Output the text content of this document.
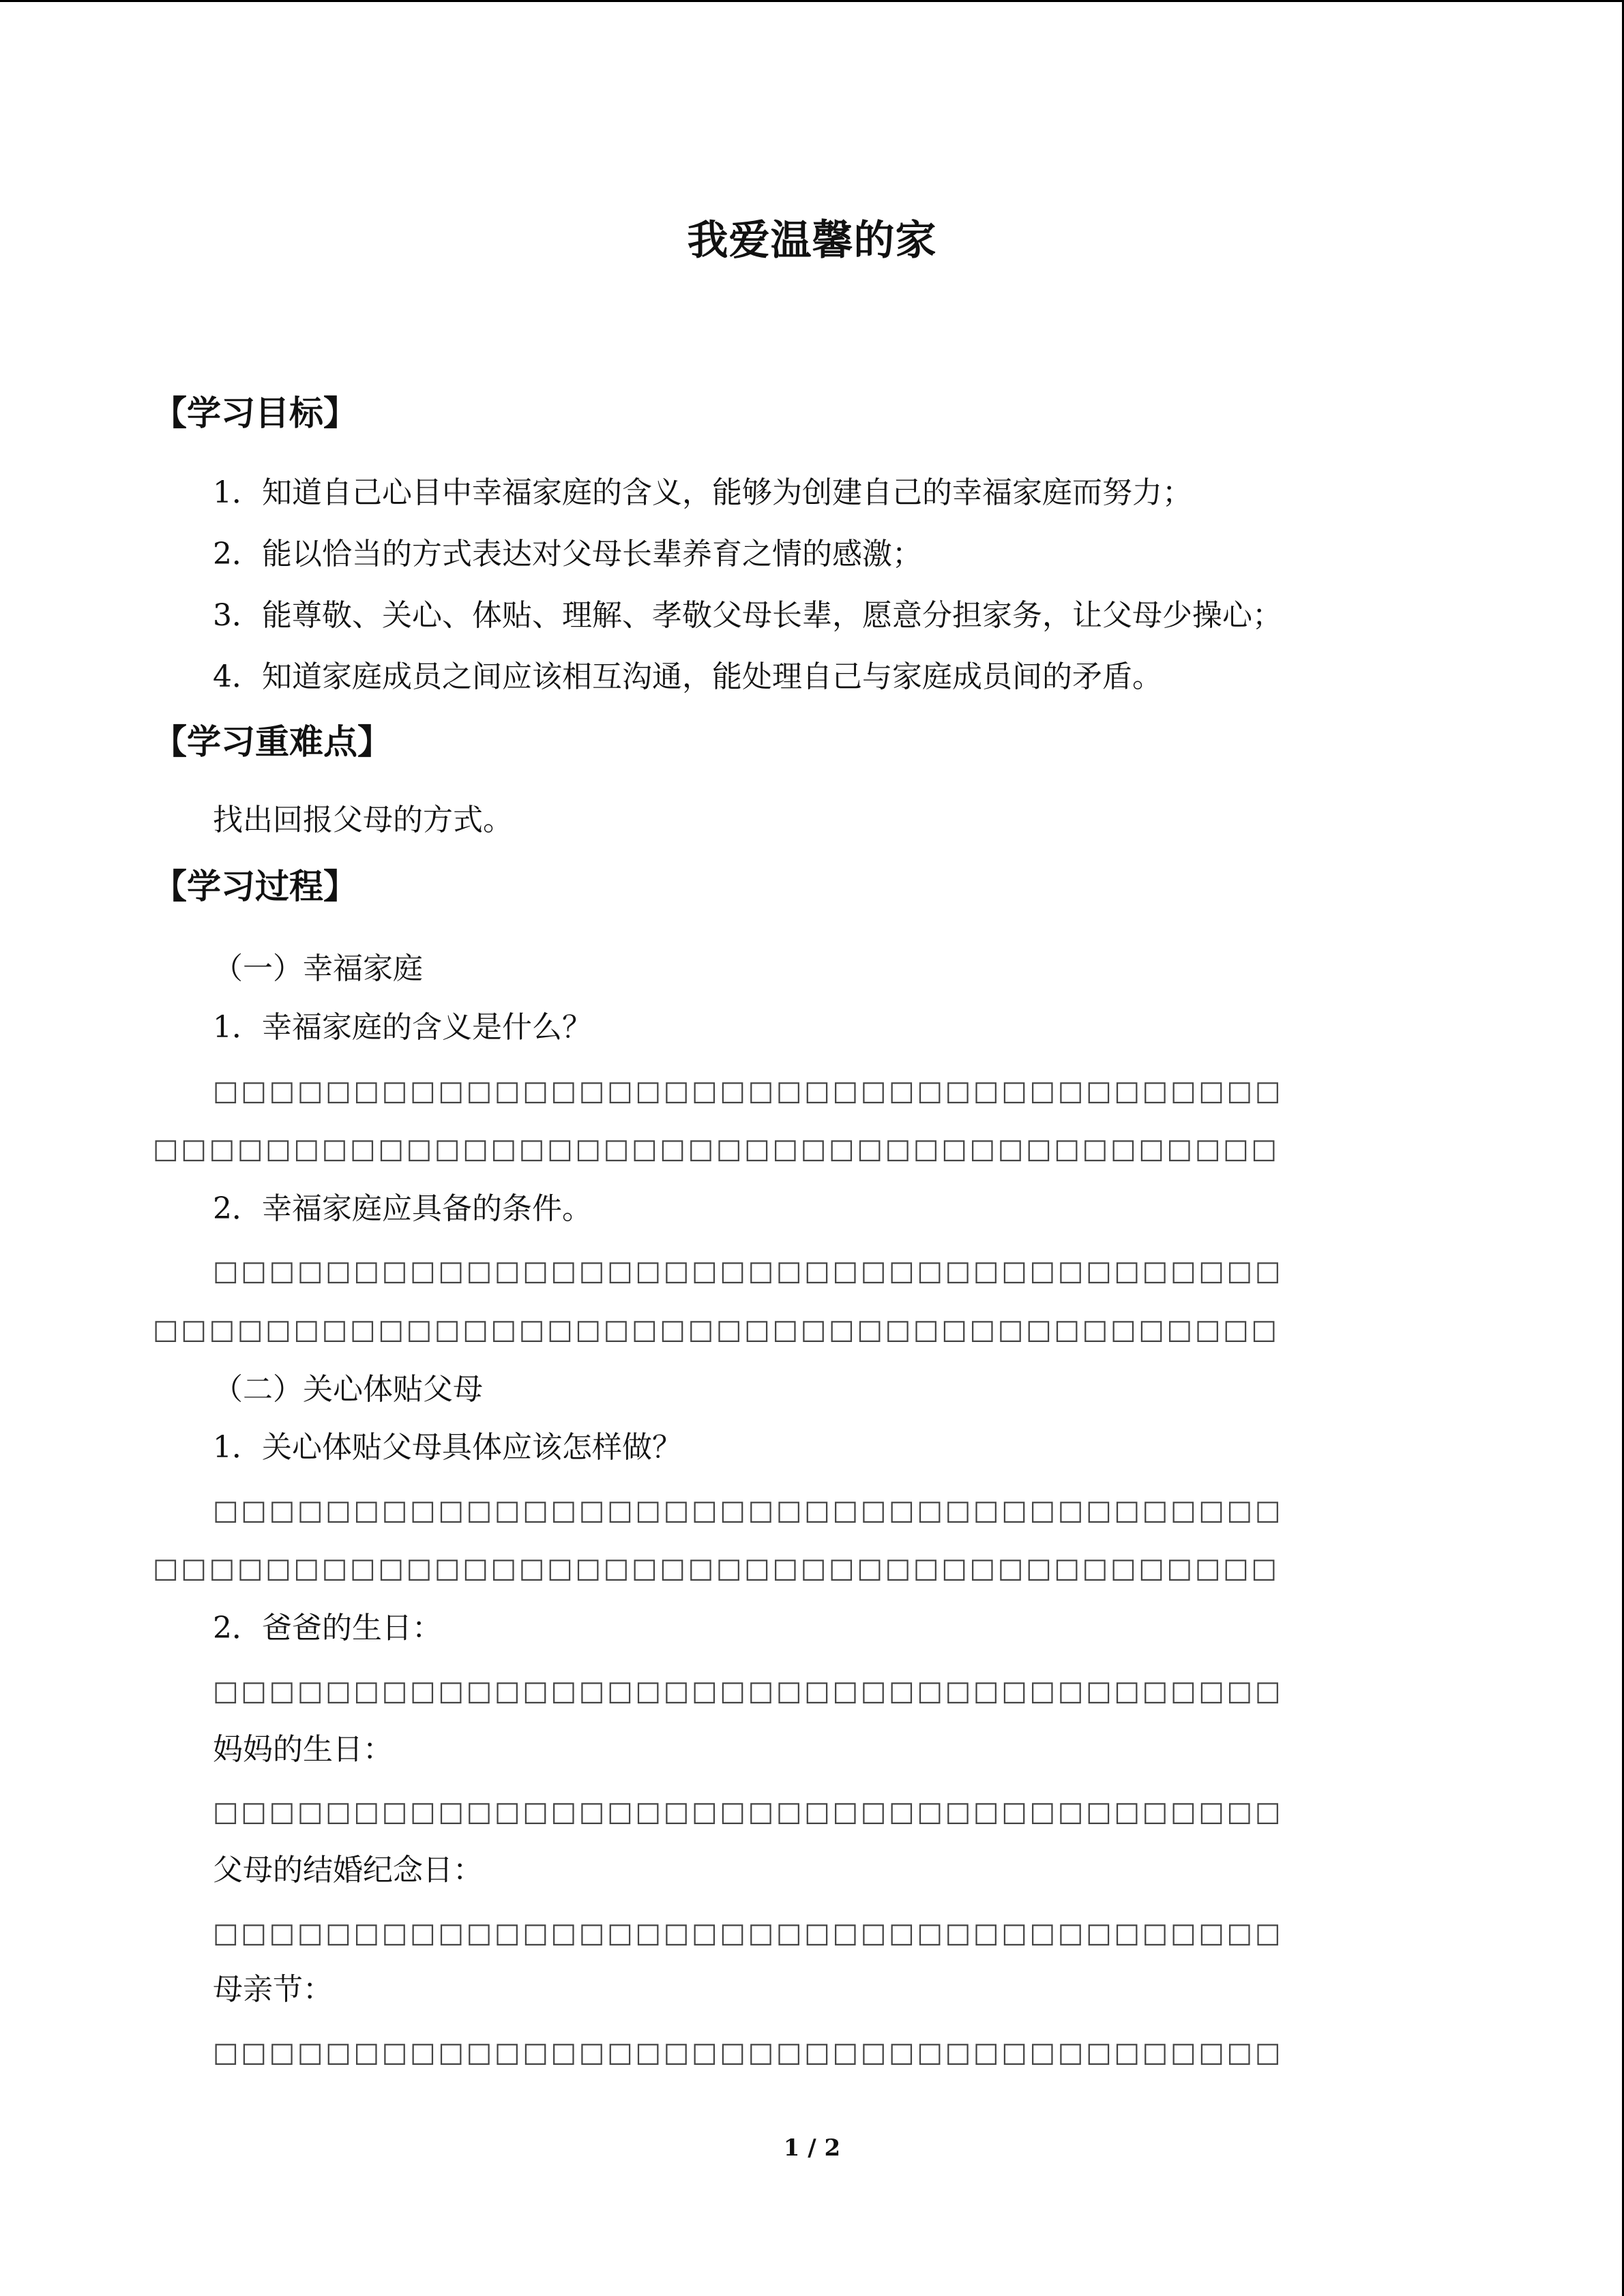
我爱温馨的家
【学习目标】
1．知道自己心目中幸福家庭的含义，能够为创建自己的幸福家庭而努力；
2．能以恰当的方式表达对父母长辈养育之情的感激；
3．能尊敬、关心、体贴、理解、孝敬父母长辈，愿意分担家务，让父母少操心；
4．知道家庭成员之间应该相互沟通，能处理自己与家庭成员间的矛盾。
【学习重难点】
找出回报父母的方式。
【学习过程】
（一）幸福家庭
1．幸福家庭的含义是什么？
□□□□□□□□□□□□□□□□□□□□□□□□□□□□□□□□□□□□□□
□□□□□□□□□□□□□□□□□□□□□□□□□□□□□□□□□□□□□□□□
2．幸福家庭应具备的条件。
□□□□□□□□□□□□□□□□□□□□□□□□□□□□□□□□□□□□□□
□□□□□□□□□□□□□□□□□□□□□□□□□□□□□□□□□□□□□□□□
（二）关心体贴父母
1．关心体贴父母具体应该怎样做？
□□□□□□□□□□□□□□□□□□□□□□□□□□□□□□□□□□□□□□
□□□□□□□□□□□□□□□□□□□□□□□□□□□□□□□□□□□□□□□□
2．爸爸的生日：
□□□□□□□□□□□□□□□□□□□□□□□□□□□□□□□□□□□□□□
妈妈的生日：
□□□□□□□□□□□□□□□□□□□□□□□□□□□□□□□□□□□□□□
父母的结婚纪念日：
□□□□□□□□□□□□□□□□□□□□□□□□□□□□□□□□□□□□□□
母亲节：
□□□□□□□□□□□□□□□□□□□□□□□□□□□□□□□□□□□□□□
1 / 2
